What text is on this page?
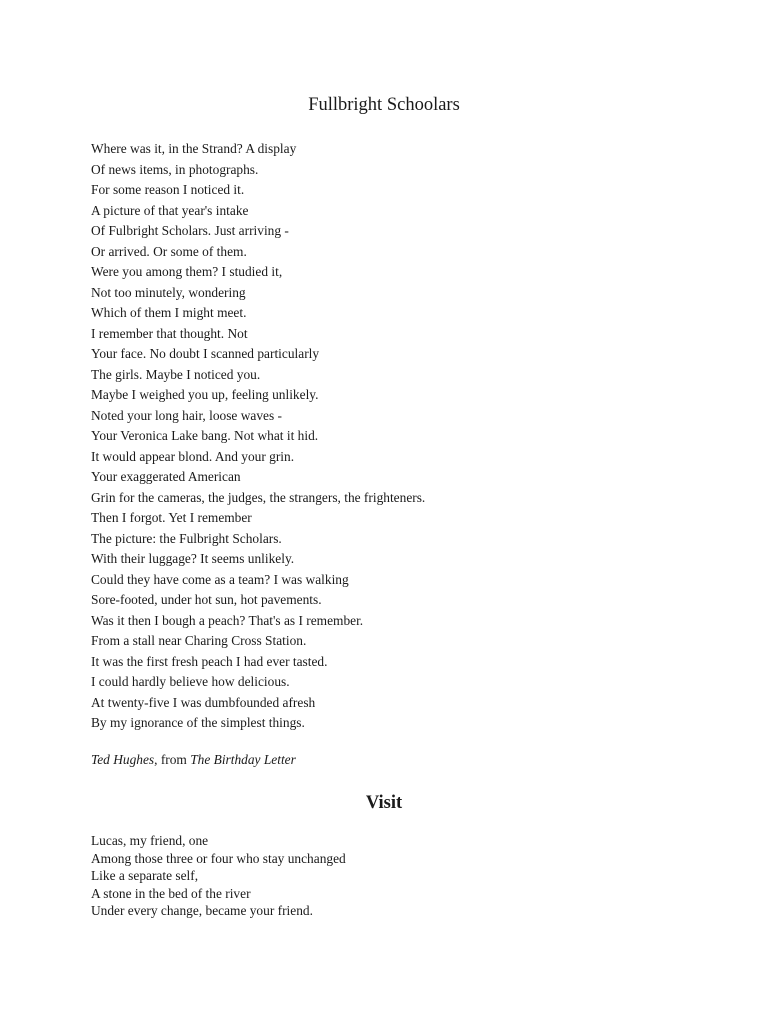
Fullbright Schoolars
Where was it, in the Strand? A display
Of news items, in photographs.
For some reason I noticed it.
A picture of that year's intake
Of Fulbright Scholars. Just arriving -
Or arrived. Or some of them.
Were you among them? I studied it,
Not too minutely, wondering
Which of them I might meet.
I remember that thought. Not
Your face. No doubt I scanned particularly
The girls. Maybe I noticed you.
Maybe I weighed you up, feeling unlikely.
Noted your long hair, loose waves -
Your Veronica Lake bang. Not what it hid.
It would appear blond. And your grin.
Your exaggerated American
Grin for the cameras, the judges, the strangers, the frighteners.
Then I forgot. Yet I remember
The picture: the Fulbright Scholars.
With their luggage? It seems unlikely.
Could they have come as a team? I was walking
Sore-footed, under hot sun, hot pavements.
Was it then I bough a peach? That's as I remember.
From a stall near Charing Cross Station.
It was the first fresh peach I had ever tasted.
I could hardly believe how delicious.
At twenty-five I was dumbfounded afresh
By my ignorance of the simplest things.
Ted Hughes, from The Birthday Letter
Visit
Lucas, my friend, one
Among those three or four who stay unchanged
Like a separate self,
A stone in the bed of the river
Under every change, became your friend.
